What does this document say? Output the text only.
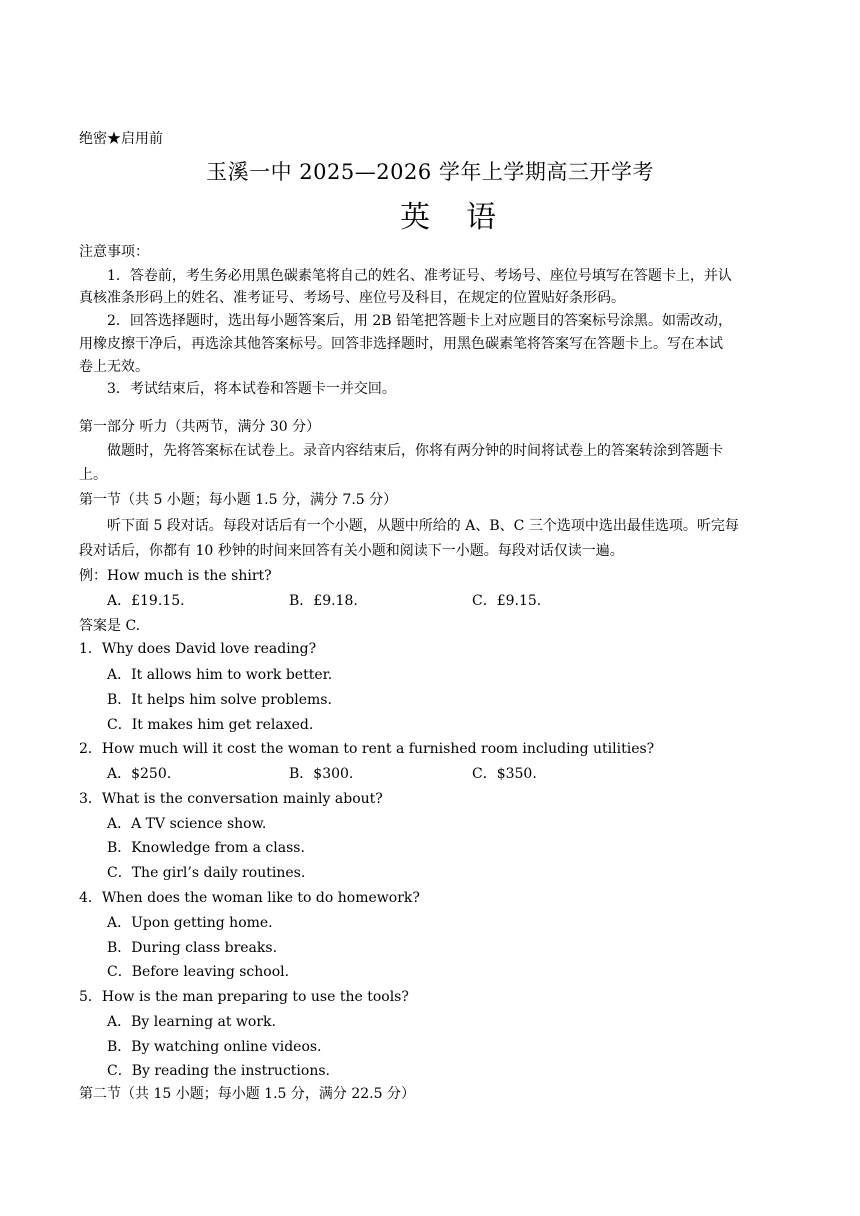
绝密★启用前
玉溪一中 2025—2026 学年上学期高三开学考
英语
注意事项：
1．答卷前，考生务必用黑色碳素笔将自己的姓名、准考证号、考场号、座位号填写在答题卡上，并认
真核准条形码上的姓名、准考证号、考场号、座位号及科目，在规定的位置贴好条形码。
2．回答选择题时，选出每小题答案后，用 2B 铅笔把答题卡上对应题目的答案标号涂黑。如需改动，
用橡皮擦干净后，再选涂其他答案标号。回答非选择题时，用黑色碳素笔将答案写在答题卡上。写在本试
卷上无效。
3．考试结束后，将本试卷和答题卡一并交回。
第一部分 听力（共两节，满分 30 分）
做题时，先将答案标在试卷上。录音内容结束后，你将有两分钟的时间将试卷上的答案转涂到答题卡
上。
第一节（共 5 小题；每小题 1.5 分，满分 7.5 分）
听下面 5 段对话。每段对话后有一个小题，从题中所给的 A、B、C 三个选项中选出最佳选项。听完每
段对话后，你都有 10 秒钟的时间来回答有关小题和阅读下一小题。每段对话仅读一遍。
例：How much is the shirt?
A．£19.15.	B．£9.18.	C．£9.15.
答案是 C.
1．Why does David love reading?
A．It allows him to work better.
B．It helps him solve problems.
C．It makes him get relaxed.
2．How much will it cost the woman to rent a furnished room including utilities?
A．$250.	B．$300.	C．$350.
3．What is the conversation mainly about?
A．A TV science show.
B．Knowledge from a class.
C．The girl’s daily routines.
4．When does the woman like to do homework?
A．Upon getting home.
B．During class breaks.
C．Before leaving school.
5．How is the man preparing to use the tools?
A．By learning at work.
B．By watching online videos.
C．By reading the instructions.
第二节（共 15 小题；每小题 1.5 分，满分 22.5 分）
